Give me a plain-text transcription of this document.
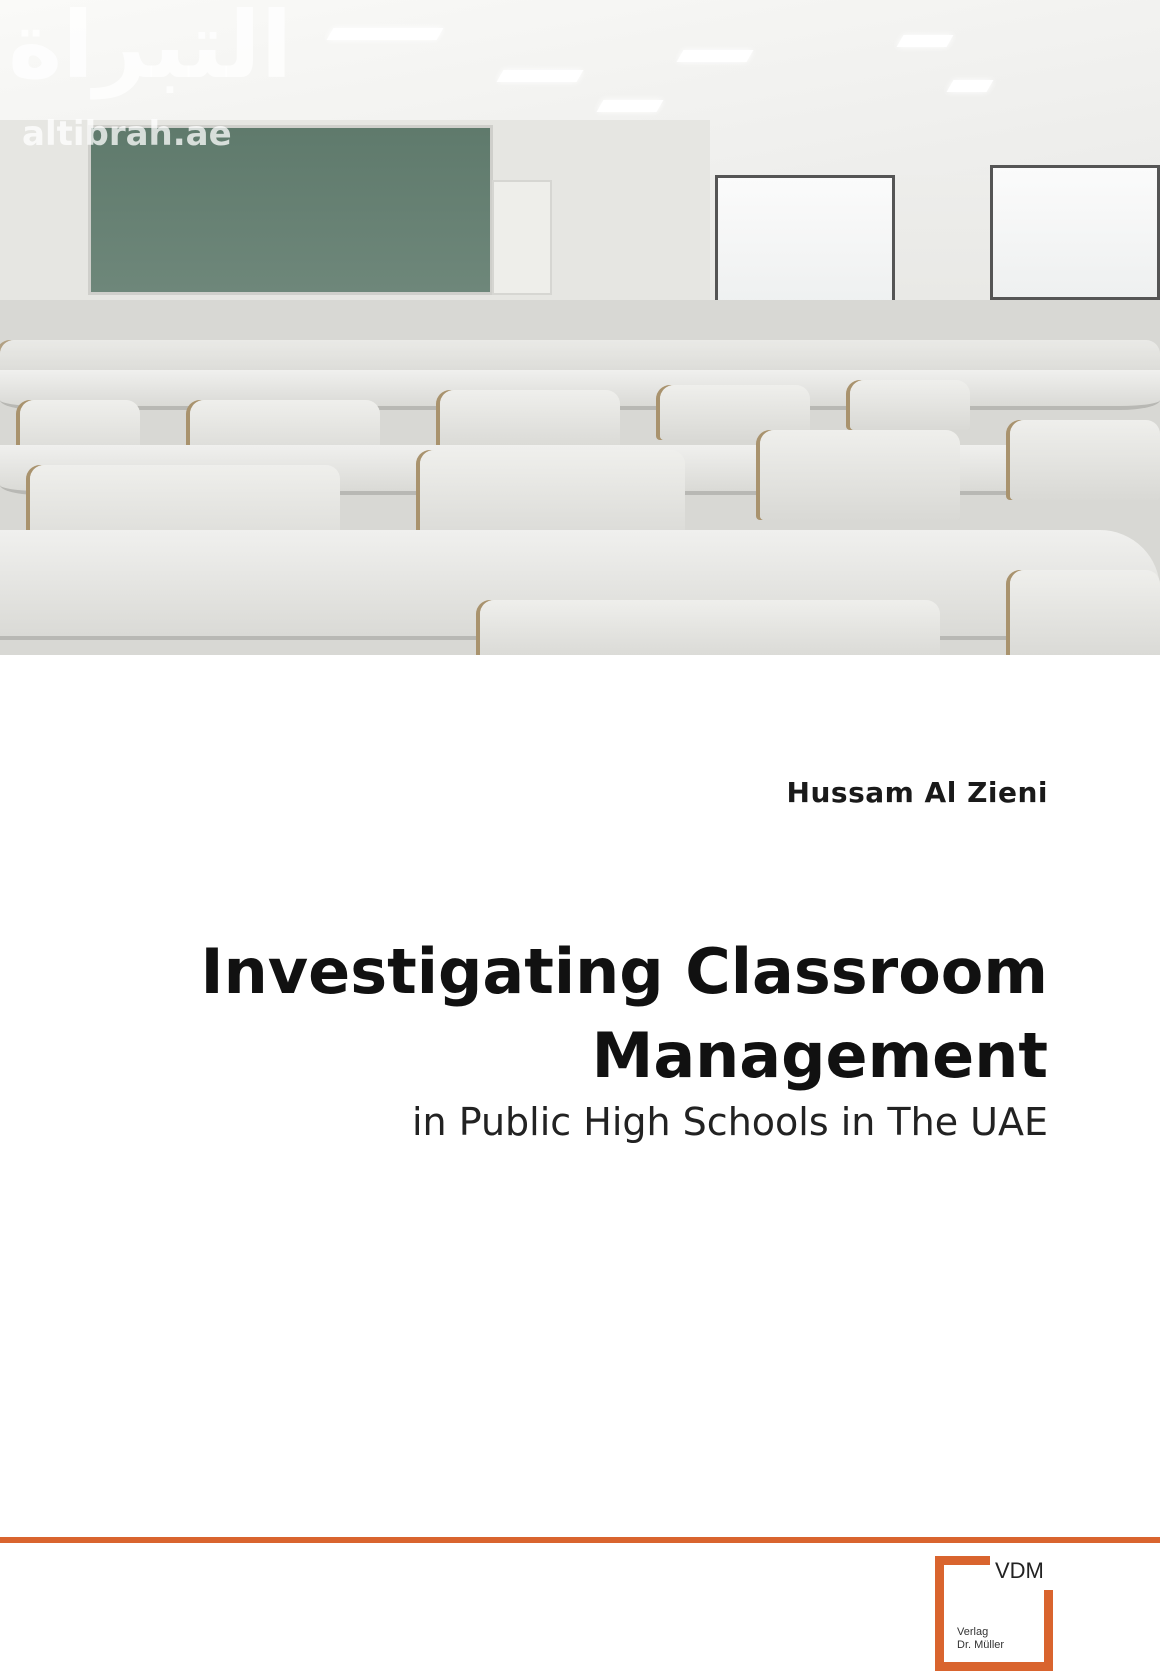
التبراة
altibrah.ae
Hussam Al Zieni
Investigating Classroom
Management
in Public High Schools in The UAE
VDM
Verlag
Dr. Müller
